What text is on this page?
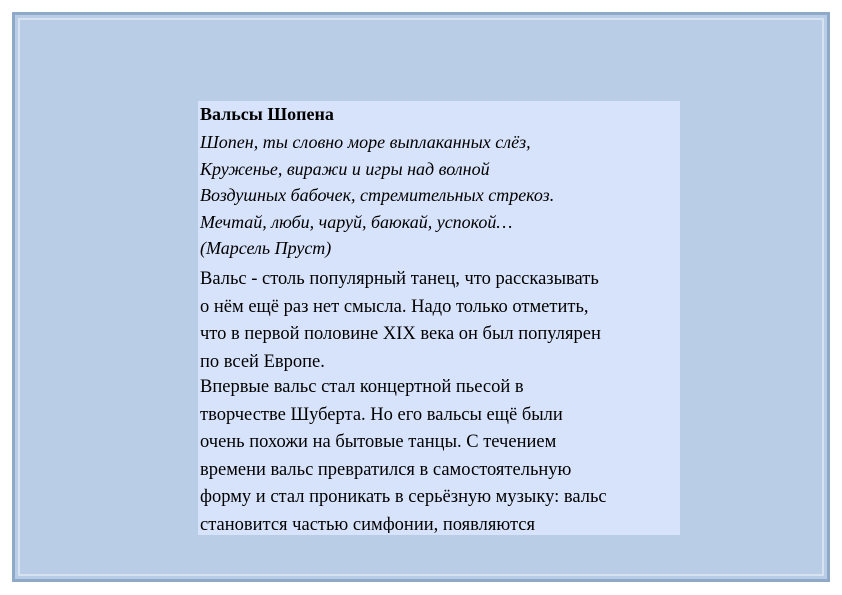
Вальсы Шопена
Шопен, ты словно море выплаканных слёз,
Круженье, виражи и игры над волной
Воздушных бабочек, стремительных стрекоз.
Мечтай, люби, чаруй, баюкай, успокой…
(Марсель Пруст)
Вальс - столь популярный танец, что рассказывать
о нём ещё раз нет смысла. Надо только отметить,
что в первой половине XIX века он был популярен
по всей Европе.
Впервые вальс стал концертной пьесой в
творчестве Шуберта. Но его вальсы ещё были
очень похожи на бытовые танцы. С течением
времени вальс превратился в самостоятельную
форму и стал проникать в серьёзную музыку: вальс
становится частью симфонии, появляются
